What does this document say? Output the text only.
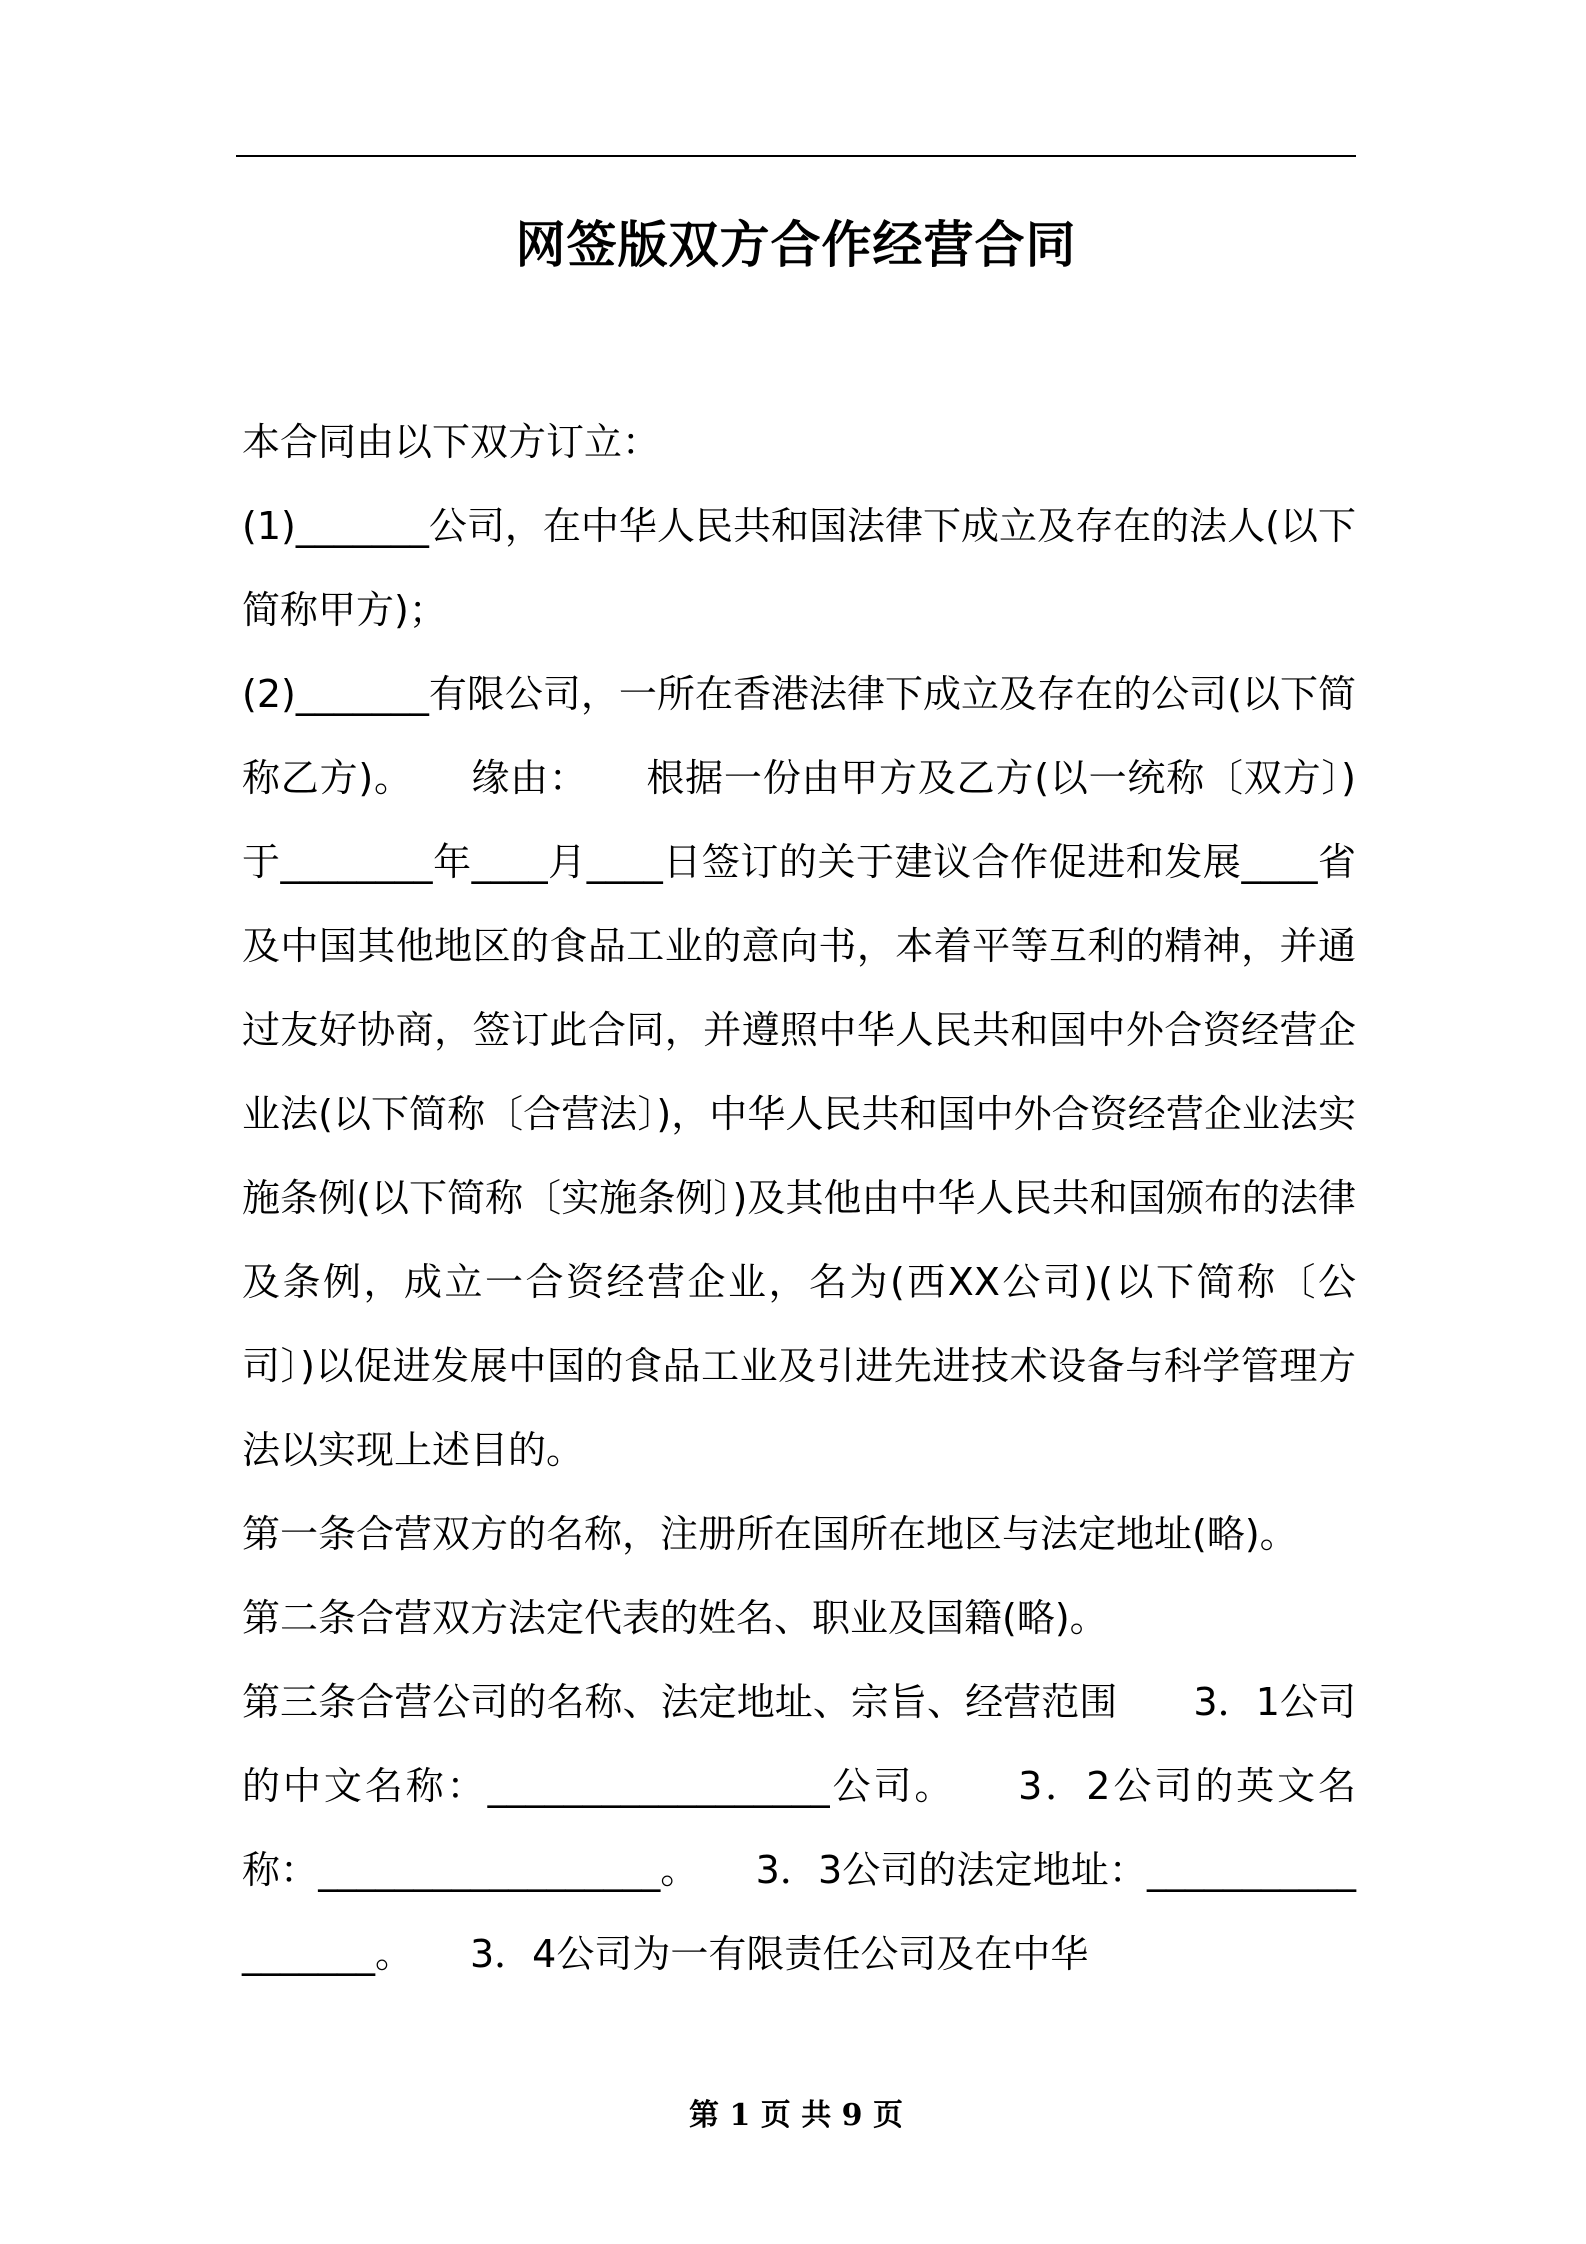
网签版双方合作经营合同

本合同由以下双方订立：

(1)_______公司，在中华人民共和国法律下成立及存在的法人(以下简称甲方)；

(2)_______有限公司，一所在香港法律下成立及存在的公司(以下简称乙方)。　　缘由：　　根据一份由甲方及乙方(以一统称〔双方〕)于________年____月____日签订的关于建议合作促进和发展____省及中国其他地区的食品工业的意向书，本着平等互利的精神，并通过友好协商，签订此合同，并遵照中华人民共和国中外合资经营企业法(以下简称〔合营法〕)，中华人民共和国中外合资经营企业法实施条例(以下简称〔实施条例〕)及其他由中华人民共和国颁布的法律及条例，成立一合资经营企业，名为(西XX公司)(以下简称〔公司〕)以促进发展中国的食品工业及引进先进技术设备与科学管理方法以实现上述目的。

第一条合营双方的名称，注册所在国所在地区与法定地址(略)。

第二条合营双方法定代表的姓名、职业及国籍(略)。

第三条合营公司的名称、法定地址、宗旨、经营范围　　3．1公司的中文名称：__________________公司。　　3．2公司的英文名称：__________________。　　3．3公司的法定地址：__________________。　　3．4公司为一有限责任公司及在中华

第 1 页 共 9 页
